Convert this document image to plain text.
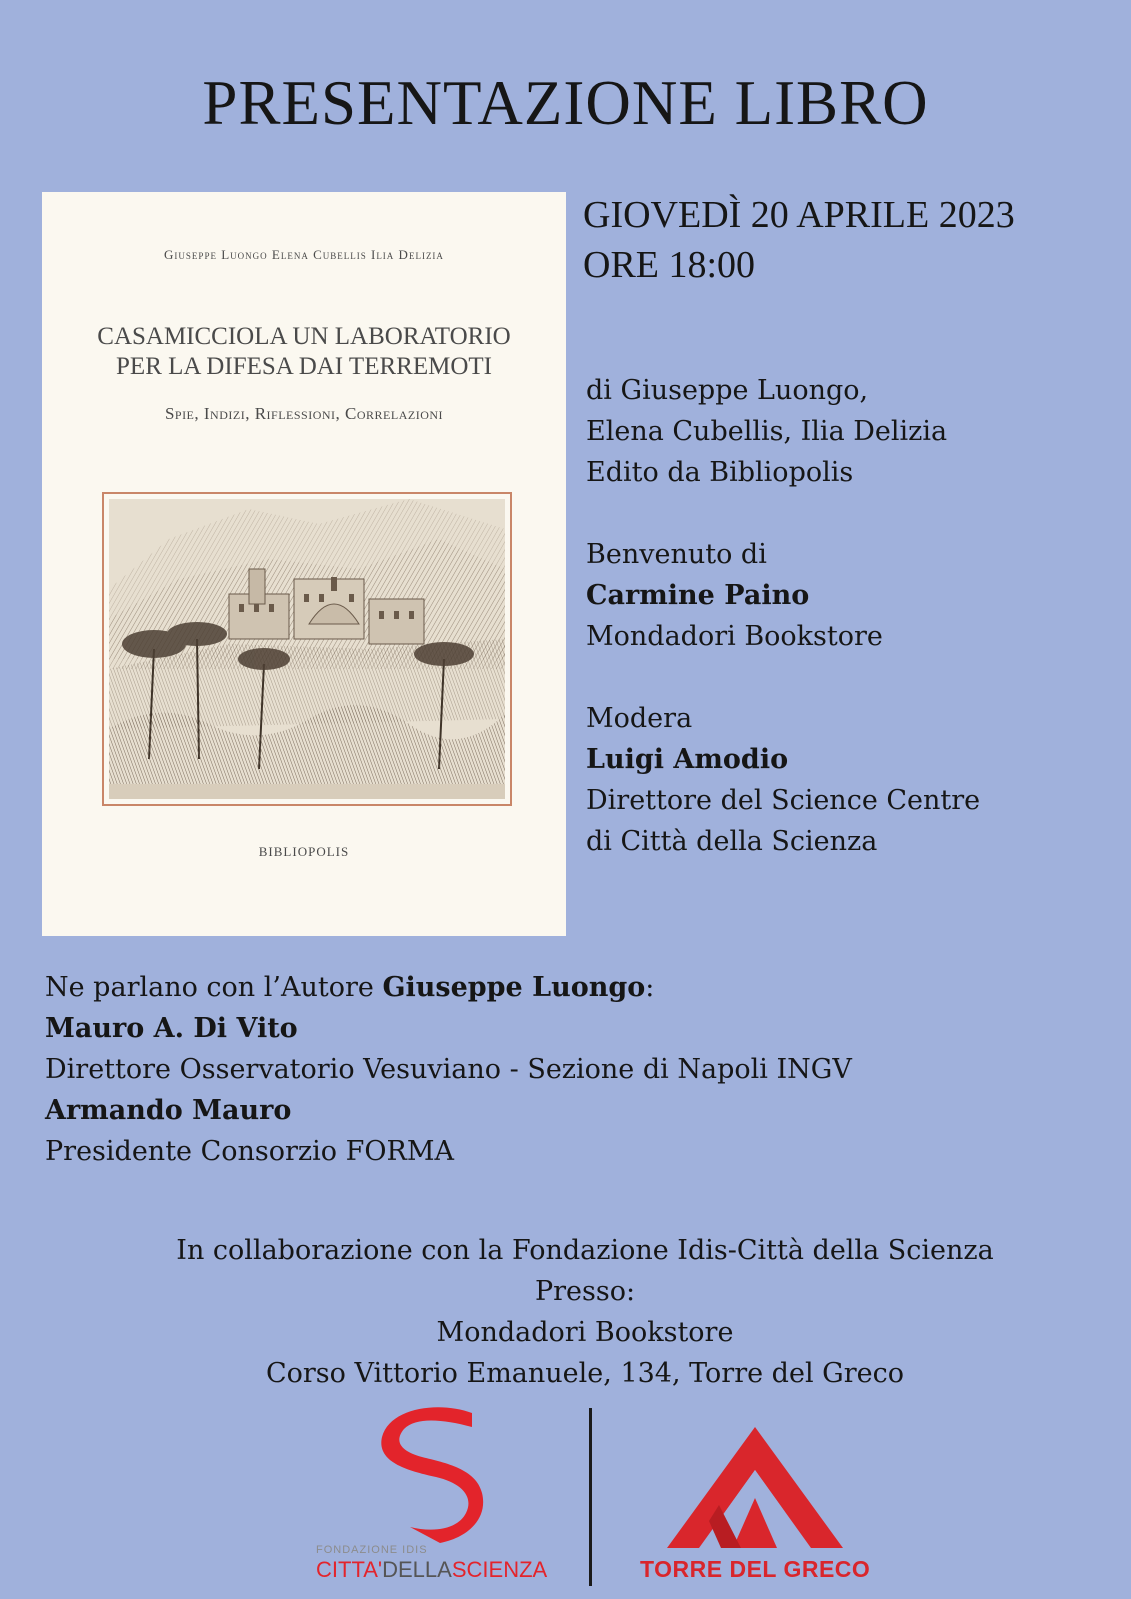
PRESENTAZIONE LIBRO
Giuseppe Luongo Elena Cubellis Ilia Delizia
CASAMICCIOLA UN LABORATORIO
PER LA DIFESA DAI TERREMOTI
Spie, Indizi, Riflessioni, Correlazioni
BIBLIOPOLIS
GIOVEDÌ 20 APRILE 2023
ORE 18:00
di Giuseppe Luongo,
Elena Cubellis, Ilia Delizia
Edito da Bibliopolis
Benvenuto di
Carmine Paino
Mondadori Bookstore
Modera
Luigi Amodio
Direttore del Science Centre
di Città della Scienza
Ne parlano con l’Autore Giuseppe Luongo:
Mauro A. Di Vito
Direttore Osservatorio Vesuviano - Sezione di Napoli INGV
Armando Mauro
Presidente Consorzio FORMA
In collaborazione con la Fondazione Idis-Città della Scienza
Presso:
Mondadori Bookstore
Corso Vittorio Emanuele, 134, Torre del Greco
FONDAZIONE IDIS
CITTA'DELLASCIENZA	TORRE DEL GRECO
